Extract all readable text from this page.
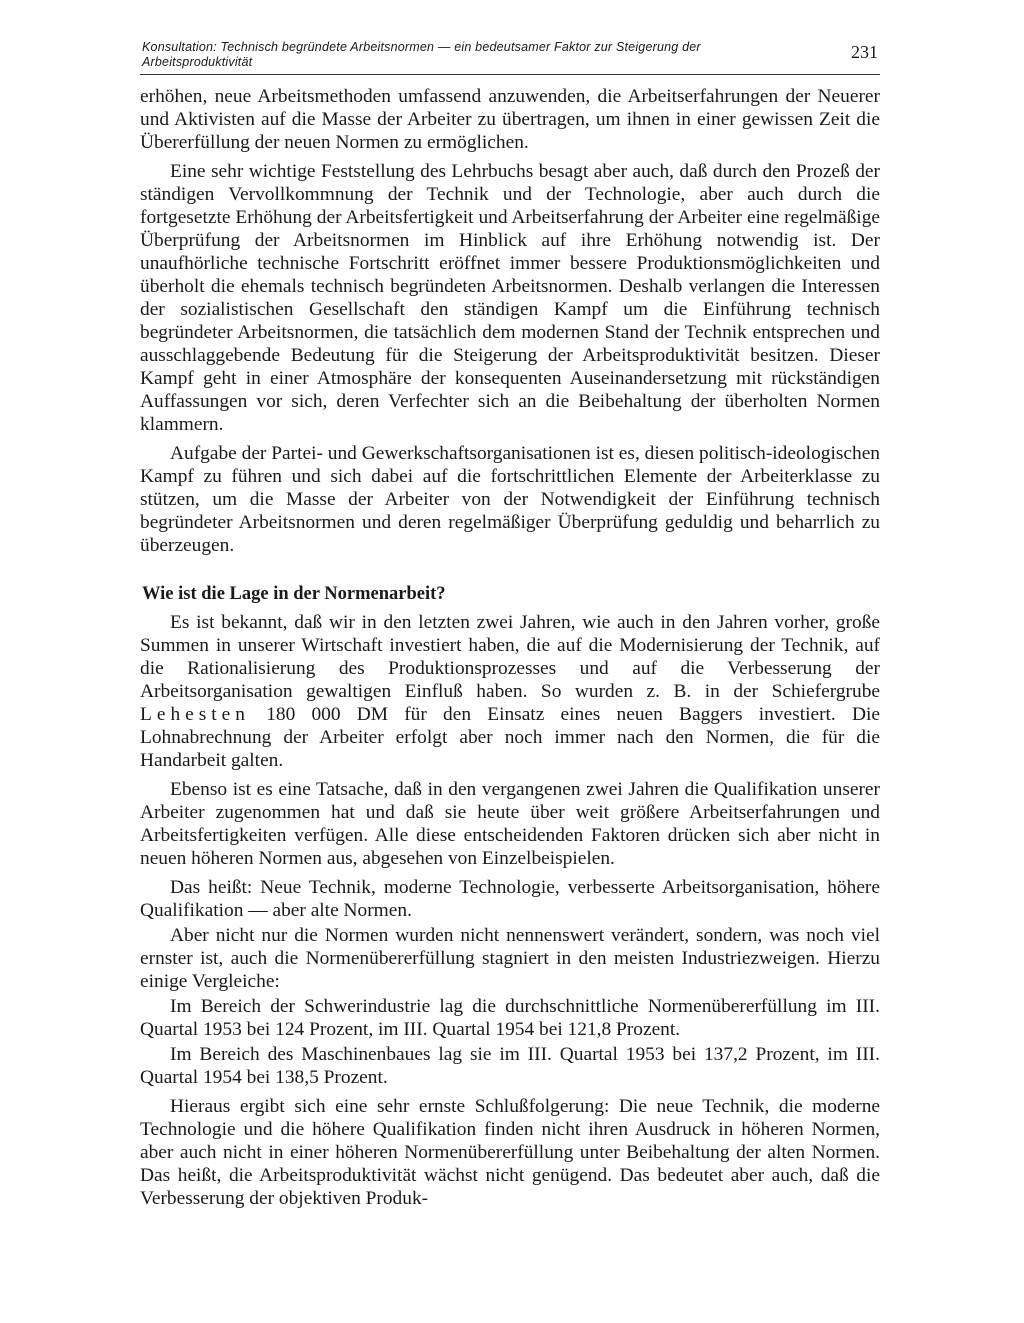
Konsultation: Technisch begründete Arbeitsnormen — ein bedeutsamer Faktor zur Steigerung der Arbeitsproduktivität	231

erhöhen, neue Arbeitsmethoden umfassend anzuwenden, die Arbeitserfahrungen der Neuerer und Aktivisten auf die Masse der Arbeiter zu übertragen, um ihnen in einer gewissen Zeit die Übererfüllung der neuen Normen zu ermöglichen.

Eine sehr wichtige Feststellung des Lehrbuchs besagt aber auch, daß durch den Prozeß der ständigen Vervollkommnung der Technik und der Technologie, aber auch durch die fortgesetzte Erhöhung der Arbeitsfertigkeit und Arbeitserfahrung der Arbeiter eine regelmäßige Überprüfung der Arbeitsnormen im Hinblick auf ihre Erhöhung notwendig ist. Der unaufhörliche technische Fortschritt eröffnet immer bessere Produktionsmöglichkeiten und überholt die ehemals technisch begründeten Arbeitsnormen. Deshalb verlangen die Interessen der sozialistischen Gesellschaft den ständigen Kampf um die Einführung technisch begründeter Arbeitsnormen, die tatsächlich dem modernen Stand der Technik entsprechen und ausschlaggebende Bedeutung für die Steigerung der Arbeitsproduktivität besitzen. Dieser Kampf geht in einer Atmosphäre der konsequenten Auseinandersetzung mit rückständigen Auffassungen vor sich, deren Verfechter sich an die Beibehaltung der überholten Normen klammern.

Aufgabe der Partei- und Gewerkschaftsorganisationen ist es, diesen politisch-ideologischen Kampf zu führen und sich dabei auf die fortschrittlichen Elemente der Arbeiterklasse zu stützen, um die Masse der Arbeiter von der Notwendigkeit der Einführung technisch begründeter Arbeitsnormen und deren regelmäßiger Überprüfung geduldig und beharrlich zu überzeugen.

Wie ist die Lage in der Normenarbeit?

Es ist bekannt, daß wir in den letzten zwei Jahren, wie auch in den Jahren vorher, große Summen in unserer Wirtschaft investiert haben, die auf die Modernisierung der Technik, auf die Rationalisierung des Produktionsprozesses und auf die Verbesserung der Arbeitsorganisation gewaltigen Einfluß haben. So wurden z. B. in der Schiefergrube Lehesten 180 000 DM für den Einsatz eines neuen Baggers investiert. Die Lohnabrechnung der Arbeiter erfolgt aber noch immer nach den Normen, die für die Handarbeit galten.

Ebenso ist es eine Tatsache, daß in den vergangenen zwei Jahren die Qualifikation unserer Arbeiter zugenommen hat und daß sie heute über weit größere Arbeitserfahrungen und Arbeitsfertigkeiten verfügen. Alle diese entscheidenden Faktoren drücken sich aber nicht in neuen höheren Normen aus, abgesehen von Einzelbeispielen.

Das heißt: Neue Technik, moderne Technologie, verbesserte Arbeitsorganisation, höhere Qualifikation — aber alte Normen.

Aber nicht nur die Normen wurden nicht nennenswert verändert, sondern, was noch viel ernster ist, auch die Normenübererfüllung stagniert in den meisten Industriezweigen. Hierzu einige Vergleiche:

Im Bereich der Schwerindustrie lag die durchschnittliche Normenübererfüllung im III. Quartal 1953 bei 124 Prozent, im III. Quartal 1954 bei 121,8 Prozent.

Im Bereich des Maschinenbaues lag sie im III. Quartal 1953 bei 137,2 Prozent, im III. Quartal 1954 bei 138,5 Prozent.

Hieraus ergibt sich eine sehr ernste Schlußfolgerung: Die neue Technik, die moderne Technologie und die höhere Qualifikation finden nicht ihren Ausdruck in höheren Normen, aber auch nicht in einer höheren Normenübererfüllung unter Beibehaltung der alten Normen. Das heißt, die Arbeitsproduktivität wächst nicht genügend. Das bedeutet aber auch, daß die Verbesserung der objektiven Produk-
